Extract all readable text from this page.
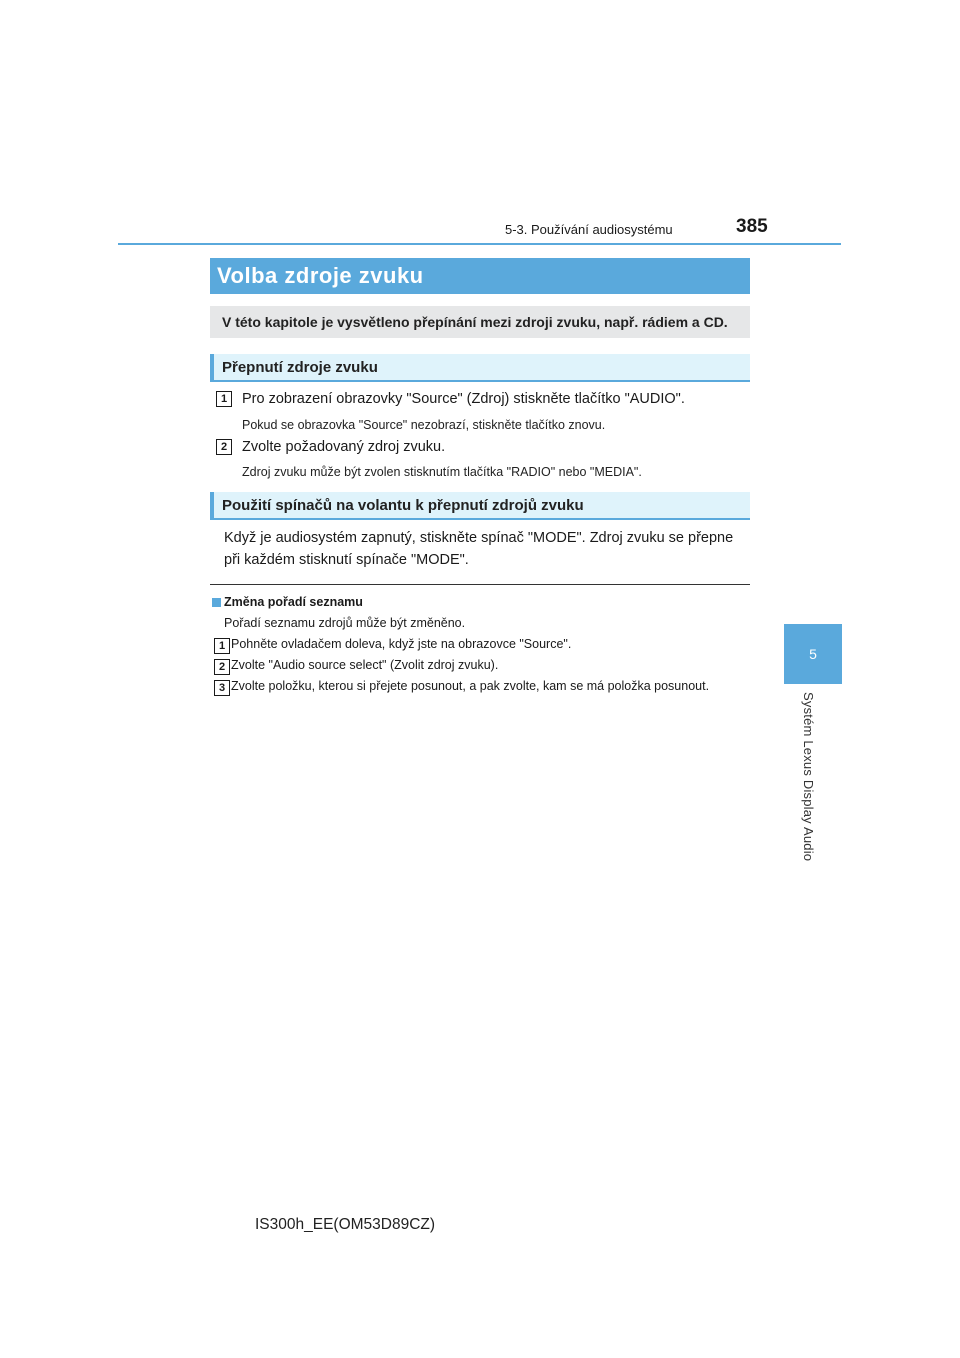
5-3. Používání audiosystému	385
5
Systém Lexus Display Audio
Volba zdroje zvuku
V této kapitole je vysvětleno přepínání mezi zdroji zvuku, např. rádiem a CD.
Přepnutí zdroje zvuku
1	Pro zobrazení obrazovky "Source" (Zdroj) stiskněte tlačítko "AUDIO".
Pokud se obrazovka "Source" nezobrazí, stiskněte tlačítko znovu.
2	Zvolte požadovaný zdroj zvuku.
Zdroj zvuku může být zvolen stisknutím tlačítka "RADIO" nebo "MEDIA".
Použití spínačů na volantu k přepnutí zdrojů zvuku
Když je audiosystém zapnutý, stiskněte spínač "MODE". Zdroj zvuku se přepne při každém stisknutí spínače "MODE".
Změna pořadí seznamu
Pořadí seznamu zdrojů může být změněno.
1 Pohněte ovladačem doleva, když jste na obrazovce "Source".
2 Zvolte "Audio source select" (Zvolit zdroj zvuku).
3 Zvolte položku, kterou si přejete posunout, a pak zvolte, kam se má položka posunout.
IS300h_EE(OM53D89CZ)
